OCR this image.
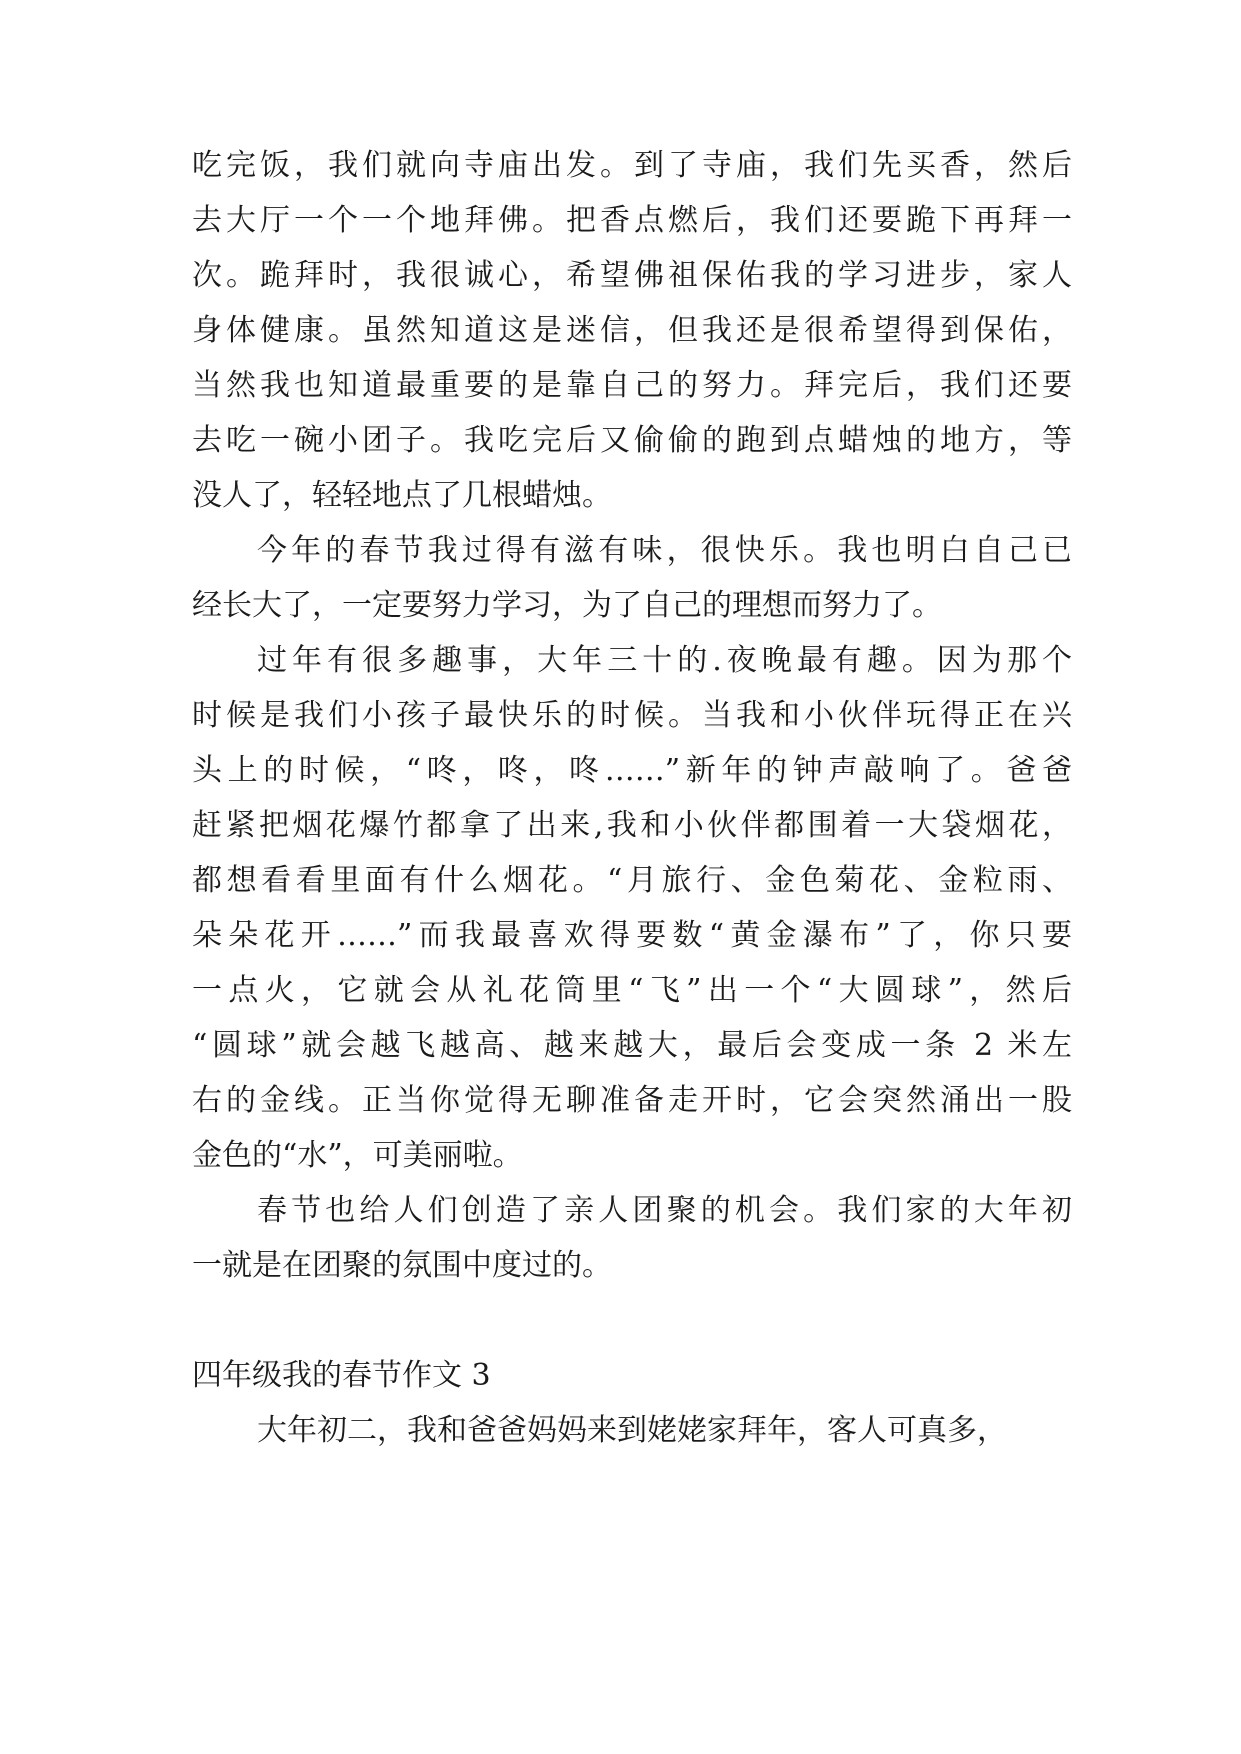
吃完饭，我们就向寺庙出发。到了寺庙，我们先买香，然后
去大厅一个一个地拜佛。把香点燃后，我们还要跪下再拜一
次。跪拜时，我很诚心，希望佛祖保佑我的学习进步，家人
身体健康。虽然知道这是迷信，但我还是很希望得到保佑，
当然我也知道最重要的是靠自己的努力。拜完后，我们还要
去吃一碗小团子。我吃完后又偷偷的跑到点蜡烛的地方，等
没人了，轻轻地点了几根蜡烛。
今年的春节我过得有滋有味，很快乐。我也明白自己已
经长大了，一定要努力学习，为了自己的理想而努力了。
过年有很多趣事，大年三十的.夜晚最有趣。因为那个
时候是我们小孩子最快乐的时候。当我和小伙伴玩得正在兴
头上的时候，“咚，咚，咚……”新年的钟声敲响了。爸爸
赶紧把烟花爆竹都拿了出来,我和小伙伴都围着一大袋烟花，
都想看看里面有什么烟花。“月旅行、金色菊花、金粒雨、
朵朵花开……”而我最喜欢得要数“黄金瀑布”了，你只要
一点火，它就会从礼花筒里“飞”出一个“大圆球”，然后
“圆球”就会越飞越高、越来越大，最后会变成一条 2 米左
右的金线。正当你觉得无聊准备走开时，它会突然涌出一股
金色的“水”，可美丽啦。
春节也给人们创造了亲人团聚的机会。我们家的大年初
一就是在团聚的氛围中度过的。
四年级我的春节作文 3
大年初二，我和爸爸妈妈来到姥姥家拜年，客人可真多，
